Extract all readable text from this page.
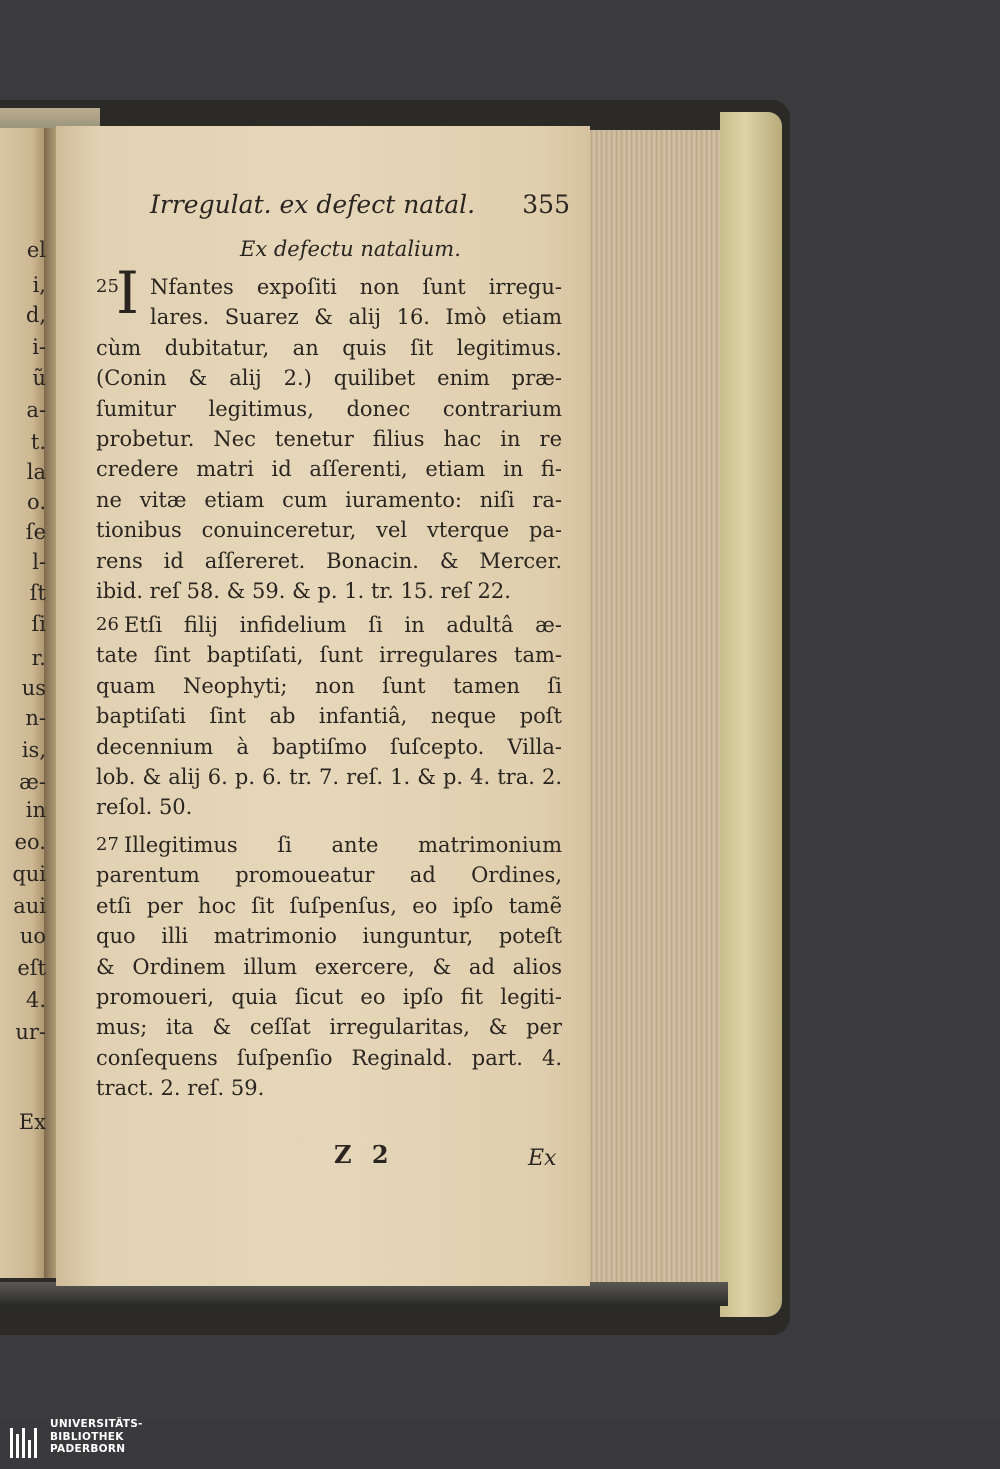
el
i,
d,
i-
ũ
a-
t.
la
o.
ſe
l-
ſt
ſi
r.
us
n-
is,
æ-
in
eo.
qui
aui
uo
eſt
4.
ur-
Ex
Irregulat. ex defect natal. 355
Ex defectu natalium.
25
I Nfantes expoſiti non ſunt irregu-
lares. Suarez & alij 16. Imò etiam
cùm dubitatur, an quis ſit legitimus.
(Conin & alij 2.) quilibet enim præ-
ſumitur legitimus, donec contrarium
probetur. Nec tenetur filius hac in re
credere matri id aſſerenti, etiam in fi-
ne vitæ etiam cum iuramento: niſi ra-
tionibus conuinceretur, vel vterque pa-
rens id aſſereret. Bonacin. & Mercer.
ibid. reſ 58. & 59. & p. 1. tr. 15. reſ 22.
26 Etſi filij infidelium ſi in adultâ æ-
tate ſint baptiſati, ſunt irregulares tam-
quam Neophyti; non ſunt tamen ſi
baptiſati ſint ab infantiâ, neque poſt
decennium à baptiſmo ſuſcepto. Villa-
lob. & alij 6. p. 6. tr. 7. reſ. 1. & p. 4. tra. 2.
reſol. 50.
27 Illegitimus ſi ante matrimonium
parentum promoueatur ad Ordines,
etſi per hoc ſit ſuſpenſus, eo ipſo tamẽ
quo illi matrimonio iunguntur, poteſt
& Ordinem illum exercere, & ad alios
promoueri, quia ſicut eo ipſo fit legiti-
mus; ita & ceſſat irregularitas, & per
conſequens ſuſpenſio Reginald. part. 4.
tract. 2. reſ. 59.
Z 2	Ex
UNIVERSITÄTS-
BIBLIOTHEK
PADERBORN
